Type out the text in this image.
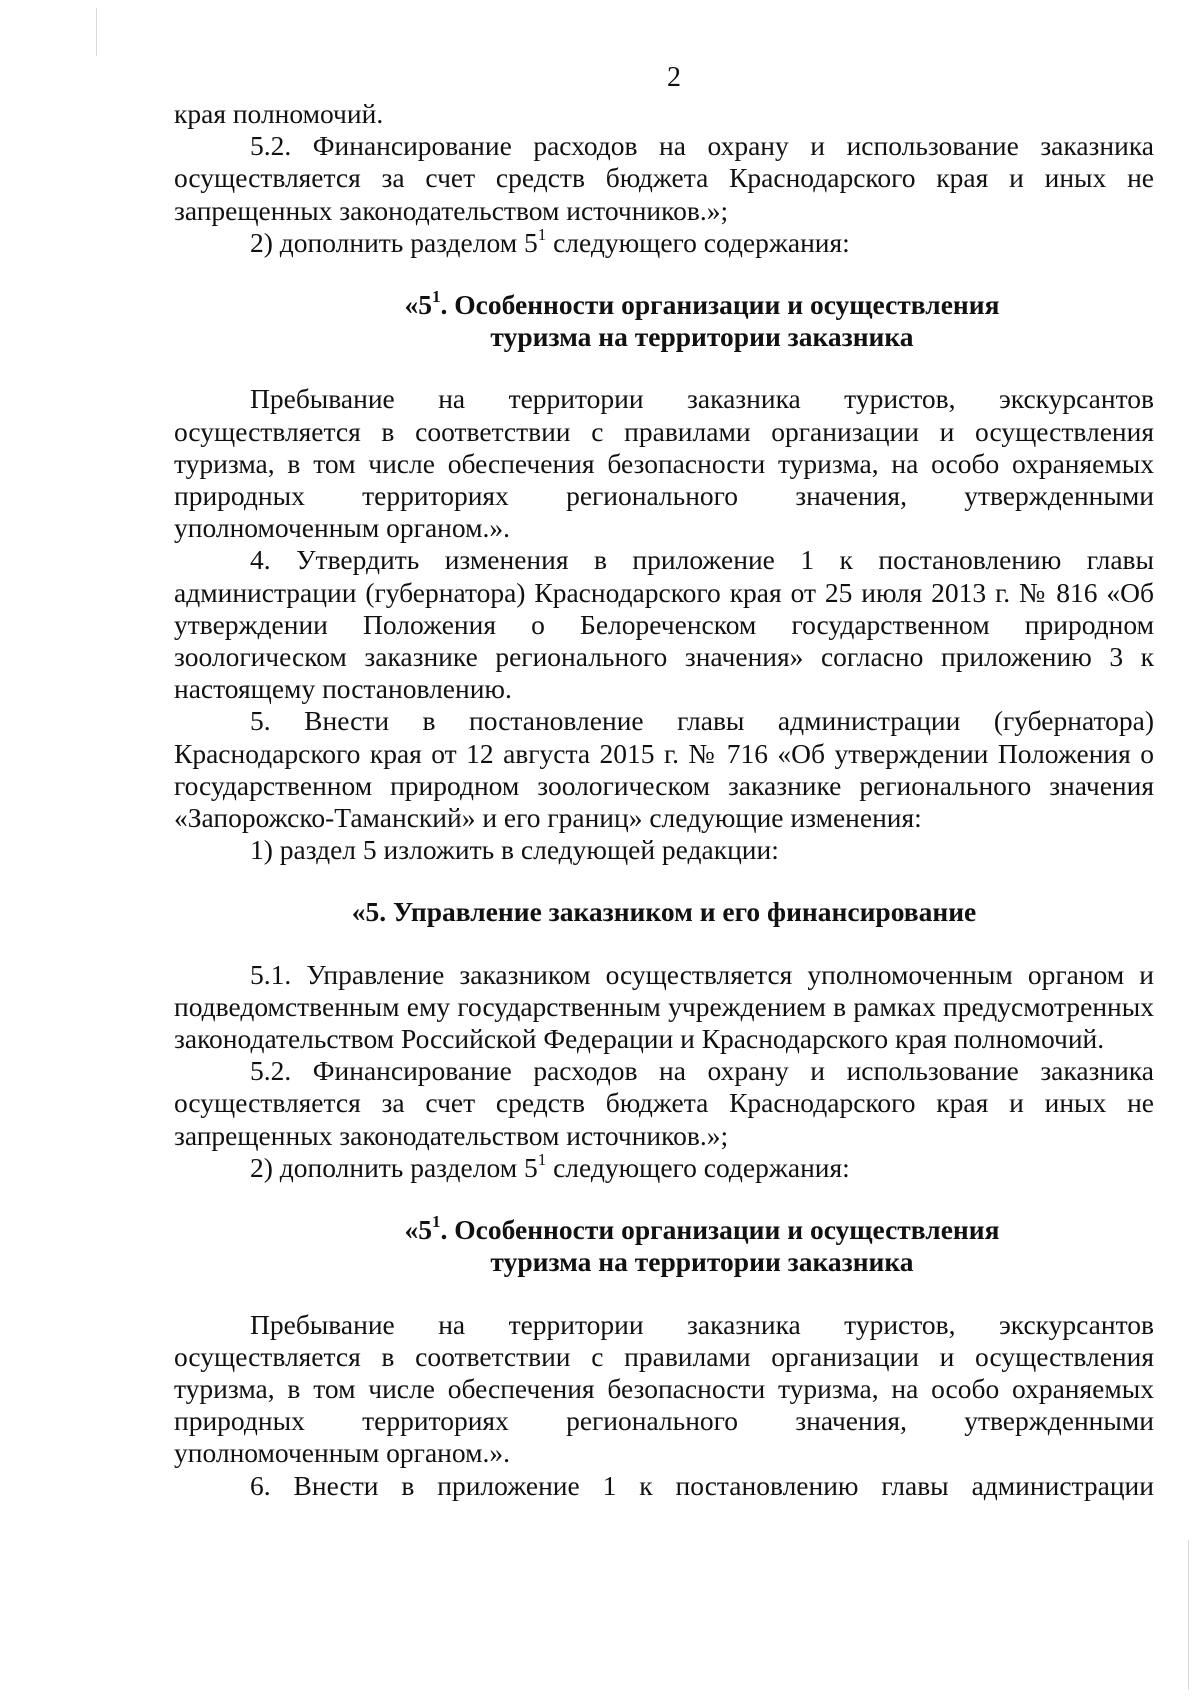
2

края полномочий.

5.2. Финансирование расходов на охрану и использование заказника осуществляется за счет средств бюджета Краснодарского края и иных не запрещенных законодательством источников.»;

2) дополнить разделом $5^1$ следующего содержания:

«$5^1$. Особенности организации и осуществления

туризма на территории заказника

Пребывание на территории заказника туристов, экскурсантов осуществляется в соответствии с правилами организации и осуществления туризма, в том числе обеспечения безопасности туризма, на особо охраняемых природных территориях регионального значения, утвержденными уполномоченным органом.».

4. Утвердить изменения в приложение 1 к постановлению главы администрации (губернатора) Краснодарского края от 25 июля 2013 г. № 816 «Об утверждении Положения о Белореченском государственном природном зоологическом заказнике регионального значения» согласно приложению 3 к настоящему постановлению.

5. Внести в постановление главы администрации (губернатора) Краснодарского края от 12 августа 2015 г. № 716 «Об утверждении Положения о государственном природном зоологическом заказнике регионального значения «Запорожско-Таманский» и его границ» следующие изменения:

1) раздел 5 изложить в следующей редакции:

«5. Управление заказником и его финансирование

5.1. Управление заказником осуществляется уполномоченным органом и подведомственным ему государственным учреждением в рамках предусмотренных законодательством Российской Федерации и Краснодарского края полномочий.

5.2. Финансирование расходов на охрану и использование заказника осуществляется за счет средств бюджета Краснодарского края и иных не запрещенных законодательством источников.»;

2) дополнить разделом $5^1$ следующего содержания:

«$5^1$. Особенности организации и осуществления

туризма на территории заказника

Пребывание на территории заказника туристов, экскурсантов осуществляется в соответствии с правилами организации и осуществления туризма, в том числе обеспечения безопасности туризма, на особо охраняемых природных территориях регионального значения, утвержденными уполномоченным органом.».

6. Внести в приложение 1 к постановлению главы администрации
